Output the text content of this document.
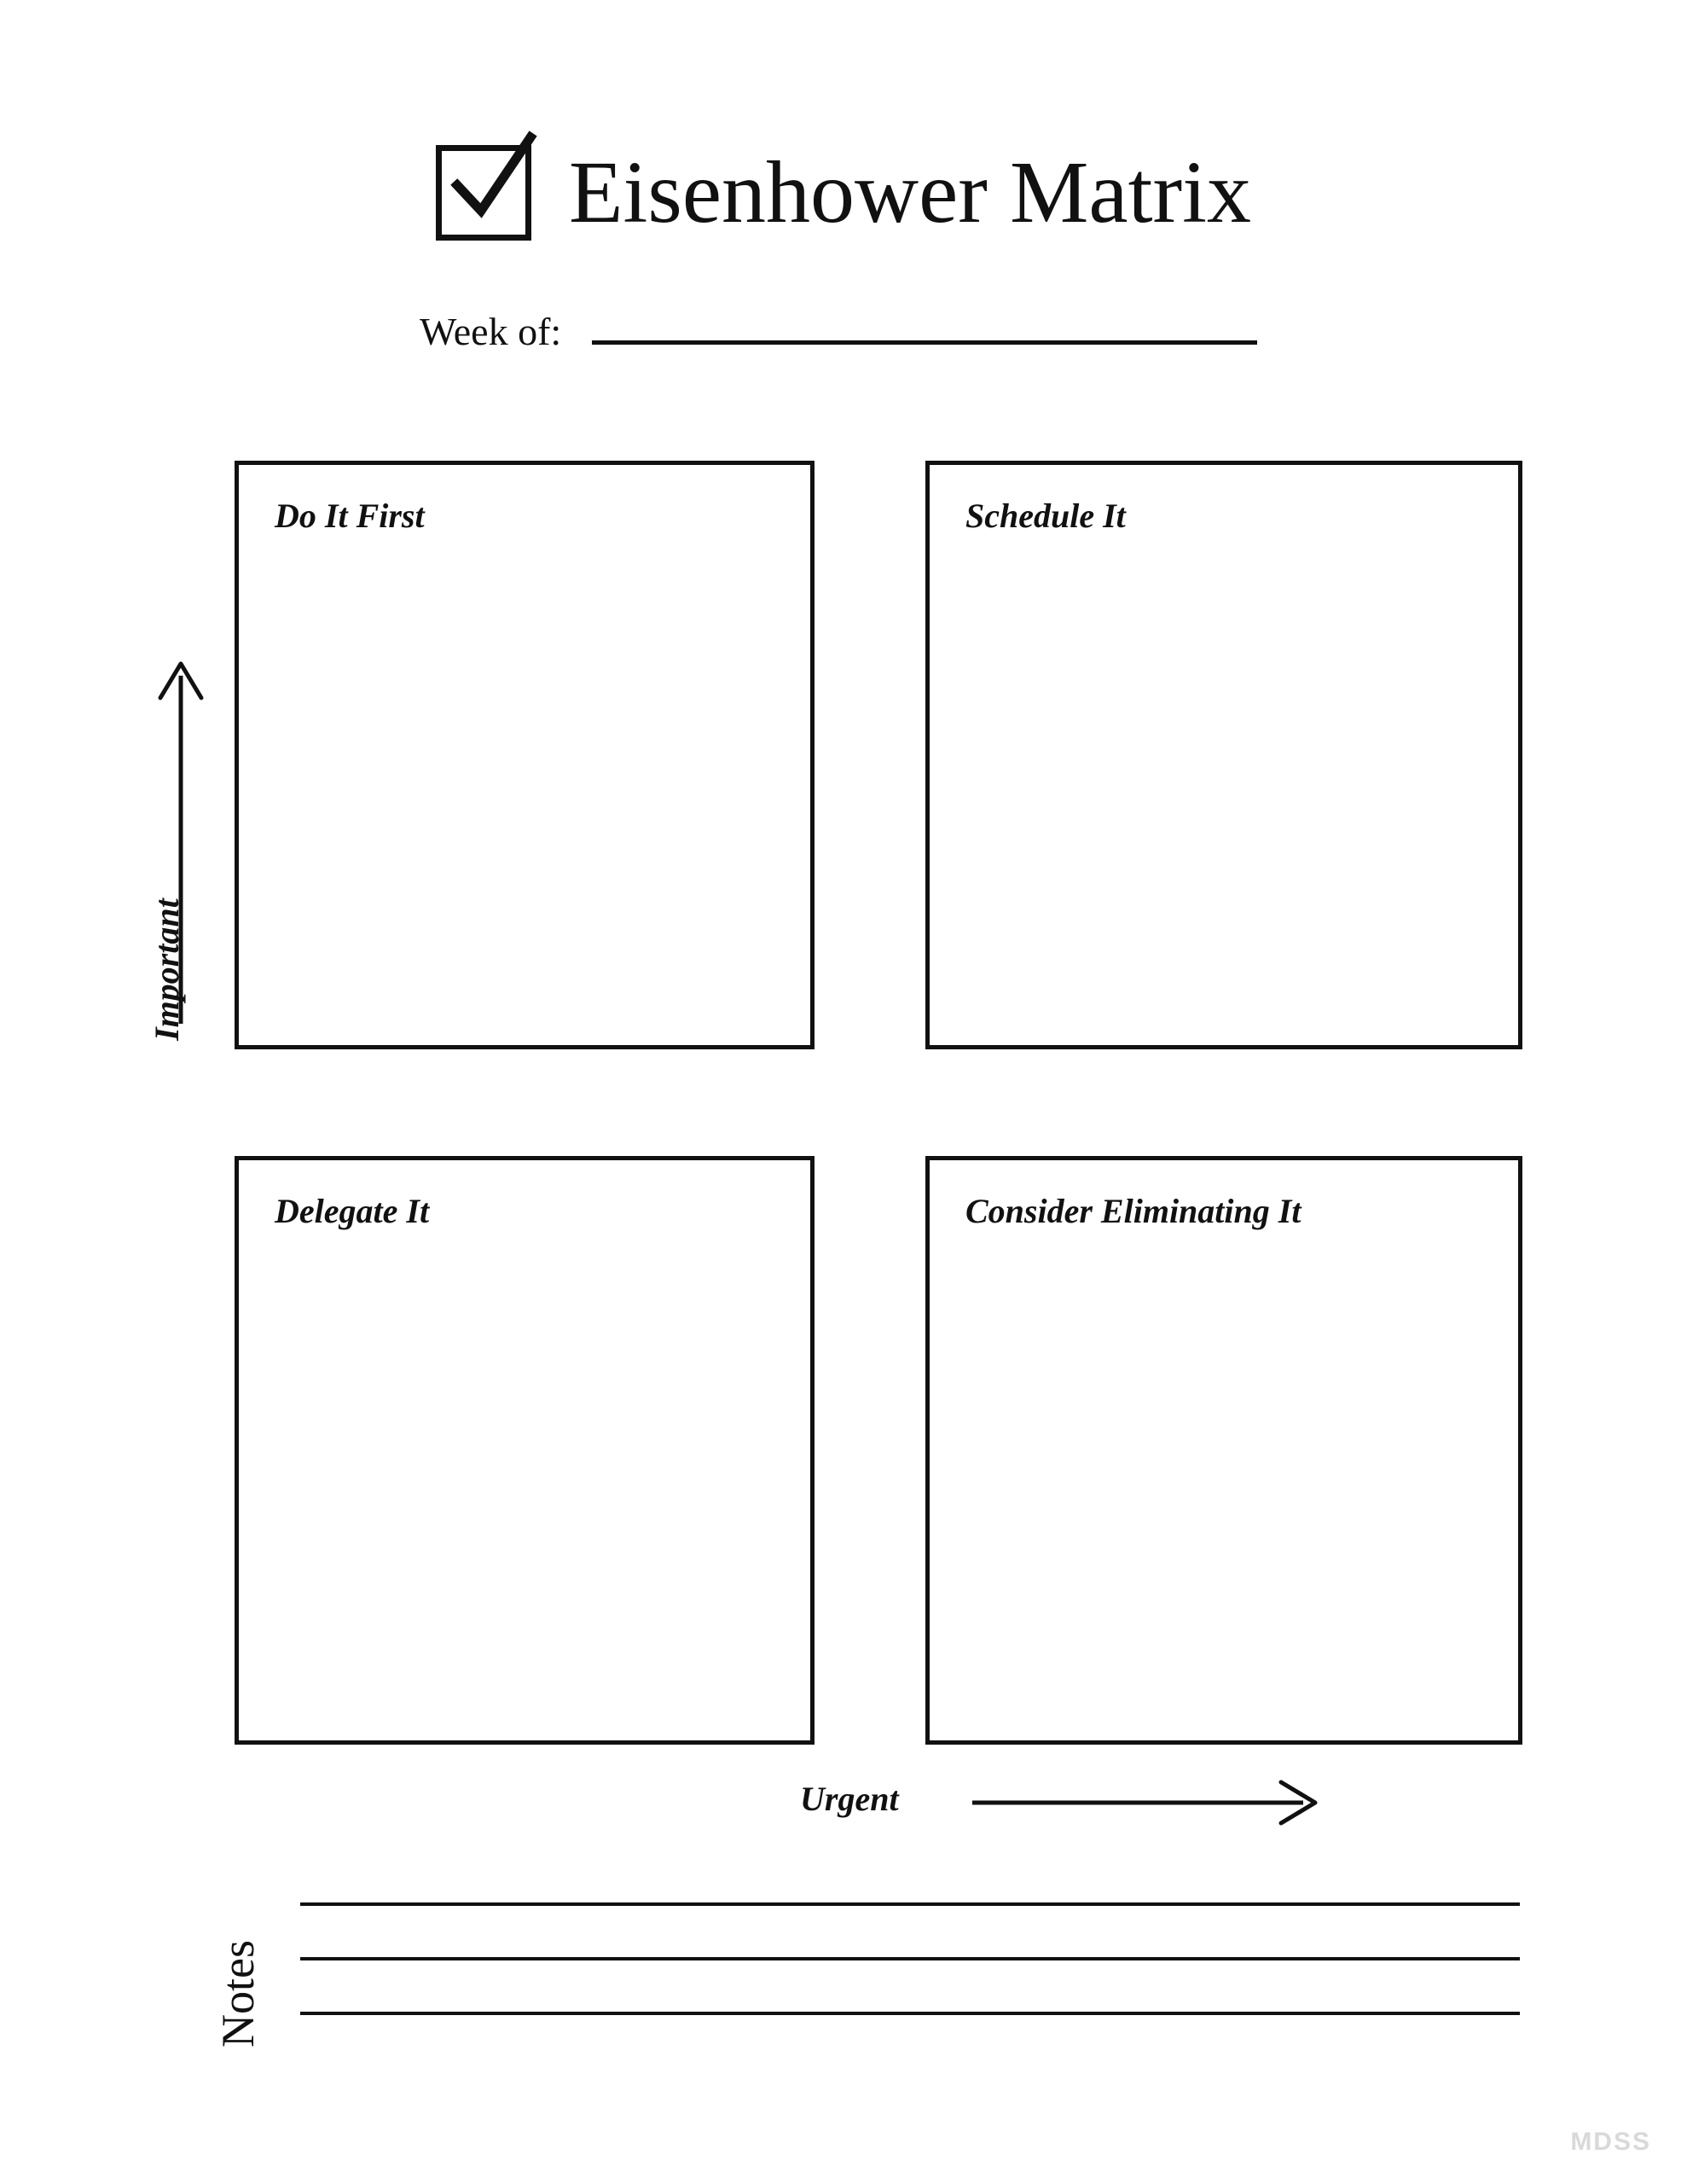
Eisenhower Matrix
Week of:
Important
Do It First	Schedule It
Delegate It	Consider Eliminating It
Urgent
Notes
MDSS
